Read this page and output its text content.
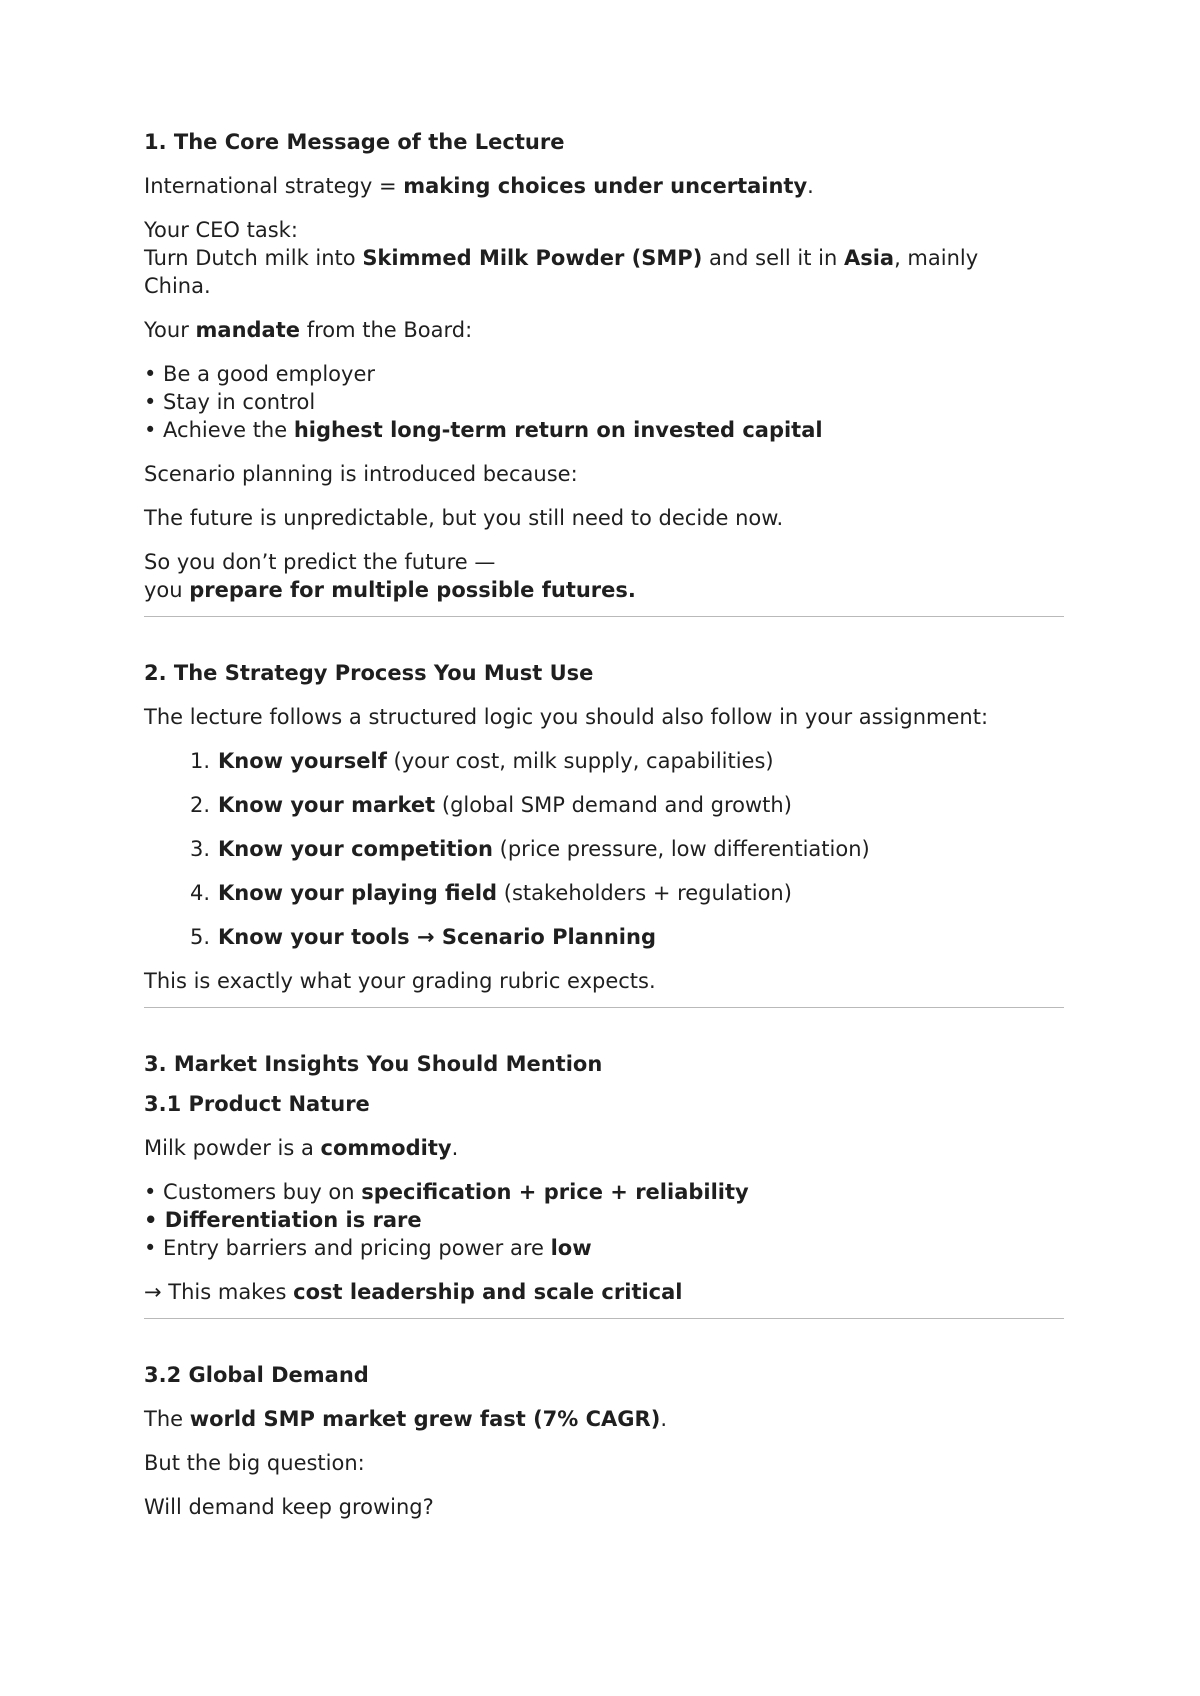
1. The Core Message of the Lecture

International strategy = making choices under uncertainty.

Your CEO task:

Turn Dutch milk into Skimmed Milk Powder (SMP) and sell it in Asia, mainly China.

Your mandate from the Board:

• Be a good employer

• Stay in control

• Achieve the highest long-term return on invested capital

Scenario planning is introduced because:

The future is unpredictable, but you still need to decide now.

So you don’t predict the future —

you prepare for multiple possible futures.

2. The Strategy Process You Must Use

The lecture follows a structured logic you should also follow in your assignment:

1. Know yourself (your cost, milk supply, capabilities)
2. Know your market (global SMP demand and growth)
3. Know your competition (price pressure, low differentiation)
4. Know your playing field (stakeholders + regulation)
5. Know your tools → Scenario Planning

This is exactly what your grading rubric expects.

3. Market Insights You Should Mention
3.1 Product Nature

Milk powder is a commodity.

• Customers buy on specification + price + reliability

• Differentiation is rare

• Entry barriers and pricing power are low

→ This makes cost leadership and scale critical

3.2 Global Demand

The world SMP market grew fast (7% CAGR).

But the big question:

Will demand keep growing?
